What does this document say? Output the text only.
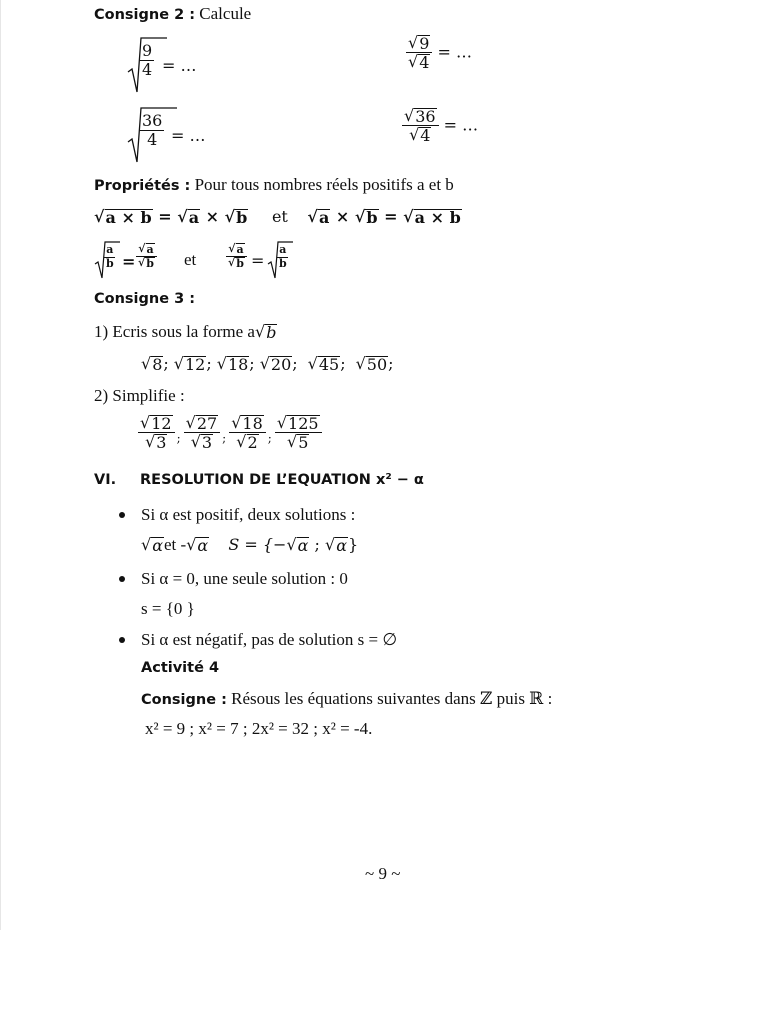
Consigne 2 : Calcule
$\frac{9}{4}$ = …	$\frac{√ 9}{√ 4}$ = …
$\frac{36}{4}$ = …	$\frac{√ 36}{√ 4}$ = …
Propriétés : Pour tous nombres réels positifs a et b
√ a × b = √ a × √ b et √ a × √ b = √ a × b
$\frac{a}{b} = \frac{√ a}{√ b}$ et	$\frac{√ a}{√ b} = \frac{a}{b}$
Consigne 3 :
1) Ecris sous la forme a √ b
√ 8 ; √ 12 ; √ 18 ; √ 20 ; √ 45 ; √ 50 ;
2) Simplifie :
$\frac{√ 12}{√ 3}$ ; $\frac{√ 27}{√ 3}$ ; $\frac{√ 18}{√ 2}$ ; $\frac{√ 125}{√ 5}$
VI. RESOLUTION DE L’EQUATION x² − α
Si α est positif, deux solutions :
√ α et - √ α S = {− √ α ; √ α }
Si α = 0, une seule solution : 0
s = {0 }
Si α est négatif, pas de solution s = ∅
Activité 4
Consigne : Résous les équations suivantes dans ℤ puis ℝ :
x² = 9 ; x² = 7 ; 2x² = 32 ; x² = -4.
~ 9 ~
